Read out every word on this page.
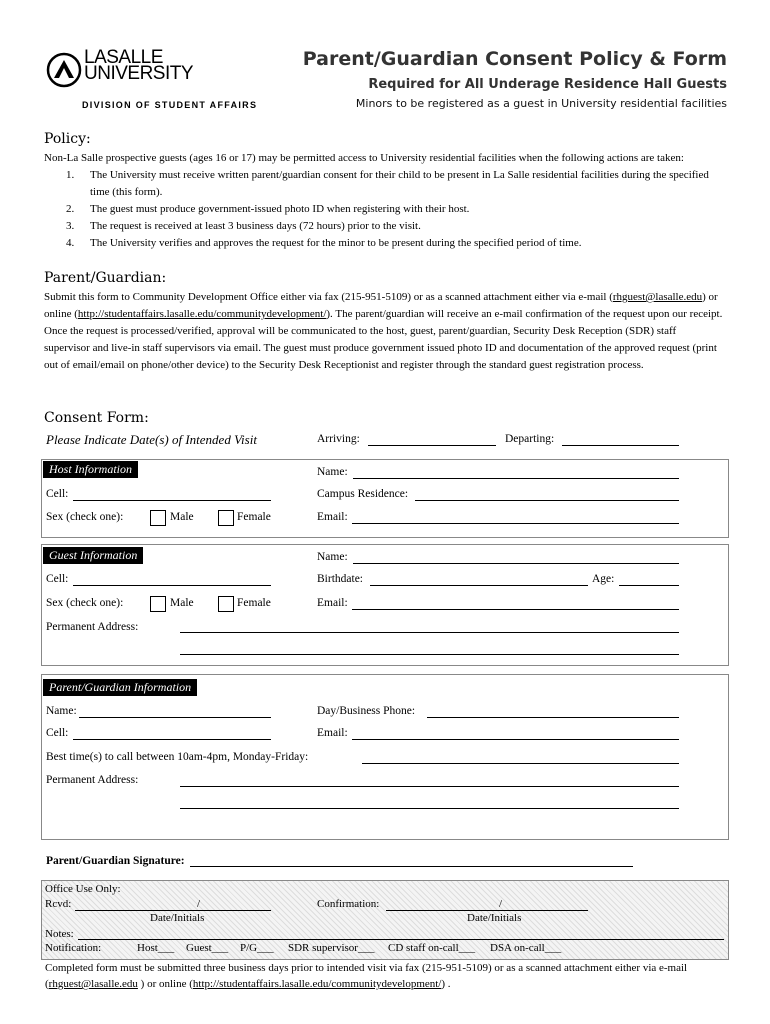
LASALLE
UNIVERSITY
DIVISION OF STUDENT AFFAIRS
Parent/Guardian Consent Policy & Form
Required for All Underage Residence Hall Guests
Minors to be registered as a guest in University residential facilities
Policy:
Non-La Salle prospective guests (ages 16 or 17) may be permitted access to University residential facilities when the following actions are taken:
1. The University must receive written parent/guardian consent for their child to be present in La Salle residential facilities during the specified time (this form).
2. The guest must produce government-issued photo ID when registering with their host.
3. The request is received at least 3 business days (72 hours) prior to the visit.
4. The University verifies and approves the request for the minor to be present during the specified period of time.
Parent/Guardian:
Submit this form to Community Development Office either via fax (215-951-5109) or as a scanned attachment either via e-mail (rhguest@lasalle.edu) or online (http://studentaffairs.lasalle.edu/communitydevelopment/). The parent/guardian will receive an e-mail confirmation of the request upon our receipt. Once the request is processed/verified, approval will be communicated to the host, guest, parent/guardian, Security Desk Reception (SDR) staff supervisor and live-in staff supervisors via email. The guest must produce government issued photo ID and documentation of the approved request (print out of email/email on phone/other device) to the Security Desk Receptionist and register through the standard guest registration process.
Consent Form:
Please Indicate Date(s) of Intended Visit	Arriving:	Departing:
Host Information	Name:
Cell:	Campus Residence:
Sex (check one):	Male	Female	Email:
Guest Information	Name:
Cell:	Birthdate:	Age:
Sex (check one):	Male	Female	Email:
Permanent Address:
Parent/Guardian Information
Name:	Day/Business Phone:
Cell:	Email:
Best time(s) to call between 10am-4pm, Monday-Friday:
Permanent Address:
Parent/Guardian Signature:
Office Use Only:
Rcvd:	/
Date/Initials
Confirmation:	/
Date/Initials
Notes:
Notification:	Host___ Guest___ P/G___ SDR supervisor___ CD staff on-call___ DSA on-call___
Completed form must be submitted three business days prior to intended visit via fax (215-951-5109) or as a scanned attachment either via e-mail (rhguest@lasalle.edu ) or online (http://studentaffairs.lasalle.edu/communitydevelopment/) .
